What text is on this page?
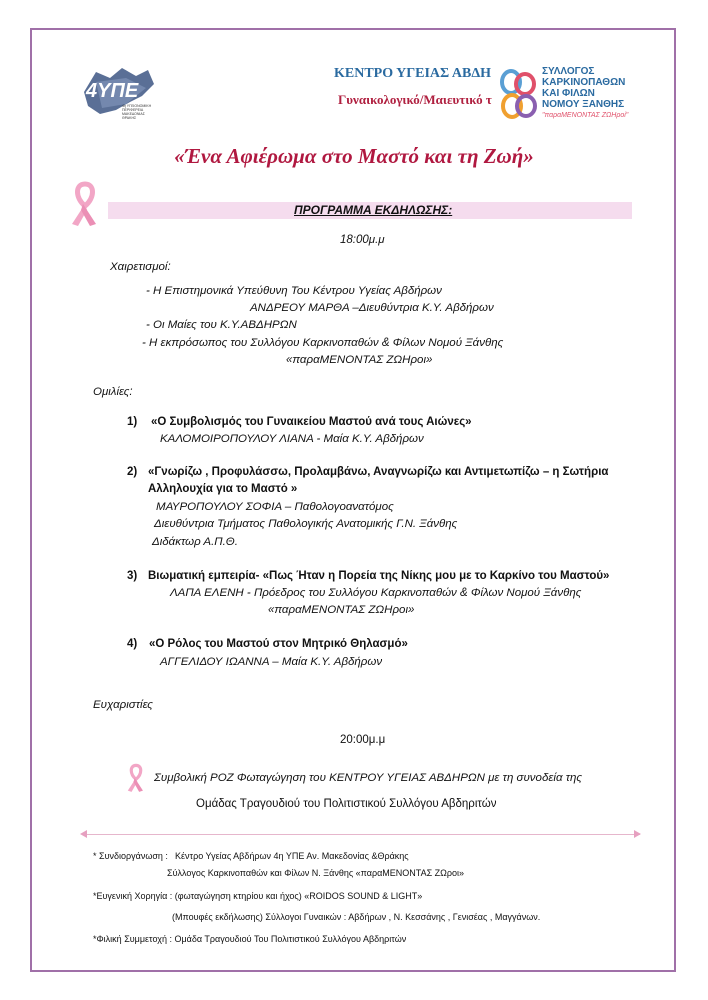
4ΥΠΕ
4η ΥΓΕΙΟΝΟΜΙΚΗ ΠΕΡΙΦΕΡΕΙΑ ΜΑΚΕΔΟΝΙΑΣ ΘΡΑΚΗΣ
ΚΕΝΤΡΟ ΥΓΕΙΑΣ ΑΒΔΗ
Γυναικολογικό/Μαιευτικό τ
ΣΥΛΛΟΓΟΣ
ΚΑΡΚΙΝΟΠΑΘΩΝ
ΚΑΙ ΦΙΛΩΝ
ΝΟΜΟΥ ΞΑΝΘΗΣ
"παραΜΕΝΟΝΤΑΣ ΖΩΗροί"
«Ένα Αφιέρωμα στο Μαστό και τη Ζωή»
ΠΡΟΓΡΑΜΜΑ ΕΚΔΗΛΩΣΗΣ:
18:00μ.μ
Χαιρετισμοί:
- Η Επιστημονικά Υπεύθυνη Του Κέντρου Υγείας Αβδήρων
ΑΝΔΡΕΟΥ ΜΑΡΘΑ –Διευθύντρια Κ.Υ. Αβδήρων
- Οι Μαίες του Κ.Υ.ΑΒΔΗΡΩΝ
- Η εκπρόσωπος του Συλλόγου Καρκινοπαθών & Φίλων Νομού Ξάνθης
«παραΜΕΝΟΝΤΑΣ ΖΩΗροι»
Ομιλίες:
1) «Ο Συμβολισμός του Γυναικείου Μαστού ανά τους Αιώνες»
ΚΑΛΟΜΟΙΡΟΠΟΥΛΟΥ ΛΙΑΝΑ - Μαία Κ.Υ. Αβδήρων
2) «Γνωρίζω , Προφυλάσσω, Προλαμβάνω, Αναγνωρίζω και Αντιμετωπίζω – η Σωτήρια
Αλληλουχία για το Μαστό »
ΜΑΥΡΟΠΟΥΛΟΥ ΣΟΦΙΑ – Παθολογοανατόμος
Διευθύντρια Τμήματος Παθολογικής Ανατομικής Γ.Ν. Ξάνθης
Διδάκτωρ Α.Π.Θ.
3) Βιωματική εμπειρία- «Πως Ήταν η Πορεία της Νίκης μου με το Καρκίνο του Μαστού»
ΛΑΠΑ ΕΛΕΝΗ - Πρόεδρος του Συλλόγου Καρκινοπαθών & Φίλων Νομού Ξάνθης
«παραΜΕΝΟΝΤΑΣ ΖΩΗροι»
4) «Ο Ρόλος του Μαστού στον Μητρικό Θηλασμό»
ΑΓΓΕΛΙΔΟΥ ΙΩΑΝΝΑ – Μαία Κ.Υ. Αβδήρων
Ευχαριστίες
20:00μ.μ
Συμβολική ΡΟΖ Φωταγώγηση του ΚΕΝΤΡΟΥ ΥΓΕΙΑΣ ΑΒΔΗΡΩΝ με τη συνοδεία της
Ομάδας Τραγουδιού του Πολιτιστικού Συλλόγου Αβδηριτών
* Συνδιοργάνωση : Κέντρο Υγείας Αβδήρων 4η ΥΠΕ Αν. Μακεδονίας &Θράκης
Σύλλογος Καρκινοπαθών και Φίλων Ν. Ξάνθης «παραΜΕΝΟΝΤΑΣ ΖΩροι»
*Ευγενική Χορηγία : (φωταγώγηση κτηρίου και ήχος) «ROIDOS SOUND & LIGHT»
(Μπουφές εκδήλωσης) Σύλλογοι Γυναικών : Αβδήρων , Ν. Κεσσάνης , Γενισέας , Μαγγάνων.
*Φιλική Συμμετοχή : Ομάδα Τραγουδιού Του Πολιτιστικού Συλλόγου Αβδηριτών
